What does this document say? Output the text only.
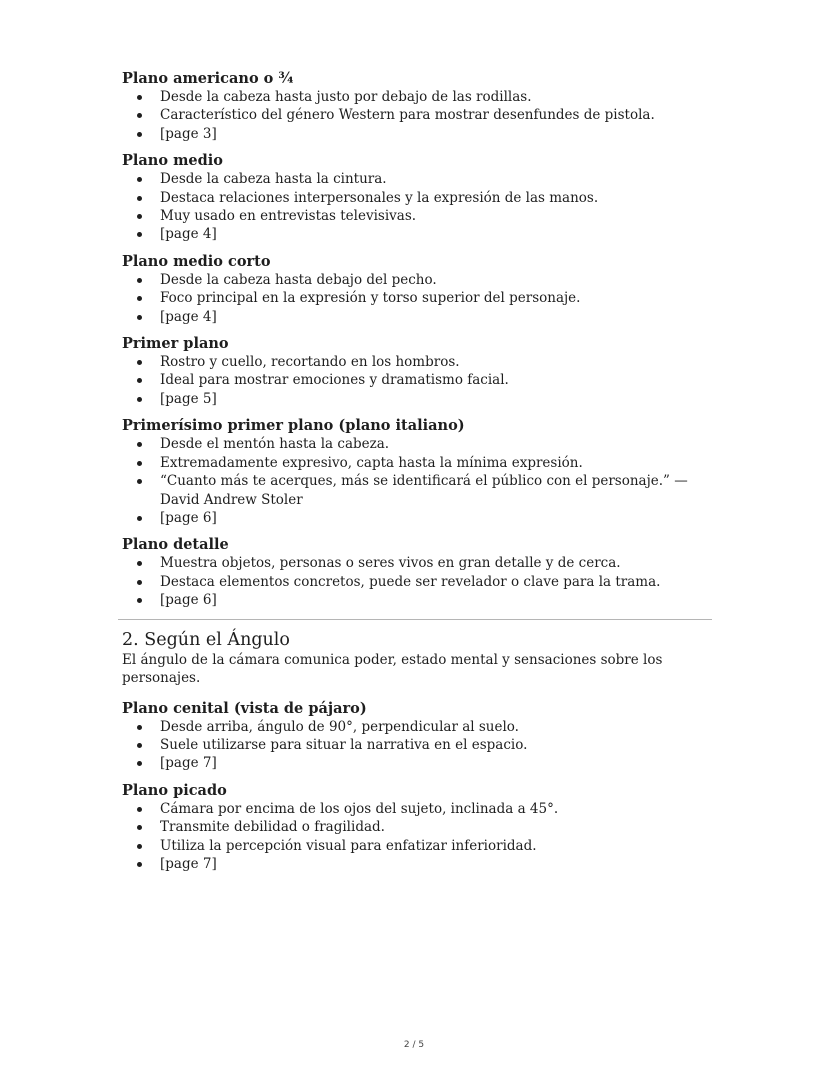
Plano americano o ¾
Desde la cabeza hasta justo por debajo de las rodillas.
Característico del género Western para mostrar desenfundes de pistola.
[page 3]
Plano medio
Desde la cabeza hasta la cintura.
Destaca relaciones interpersonales y la expresión de las manos.
Muy usado en entrevistas televisivas.
[page 4]
Plano medio corto
Desde la cabeza hasta debajo del pecho.
Foco principal en la expresión y torso superior del personaje.
[page 4]
Primer plano
Rostro y cuello, recortando en los hombros.
Ideal para mostrar emociones y dramatismo facial.
[page 5]
Primerísimo primer plano (plano italiano)
Desde el mentón hasta la cabeza.
Extremadamente expresivo, capta hasta la mínima expresión.
“Cuanto más te acerques, más se identificará el público con el personaje.” — David Andrew Stoler
[page 6]
Plano detalle
Muestra objetos, personas o seres vivos en gran detalle y de cerca.
Destaca elementos concretos, puede ser revelador o clave para la trama.
[page 6]
2. Según el Ángulo

El ángulo de la cámara comunica poder, estado mental y sensaciones sobre los personajes.

Plano cenital (vista de pájaro)
Desde arriba, ángulo de 90°, perpendicular al suelo.
Suele utilizarse para situar la narrativa en el espacio.
[page 7]
Plano picado
Cámara por encima de los ojos del sujeto, inclinada a 45°.
Transmite debilidad o fragilidad.
Utiliza la percepción visual para enfatizar inferioridad.
[page 7]
2 / 5
